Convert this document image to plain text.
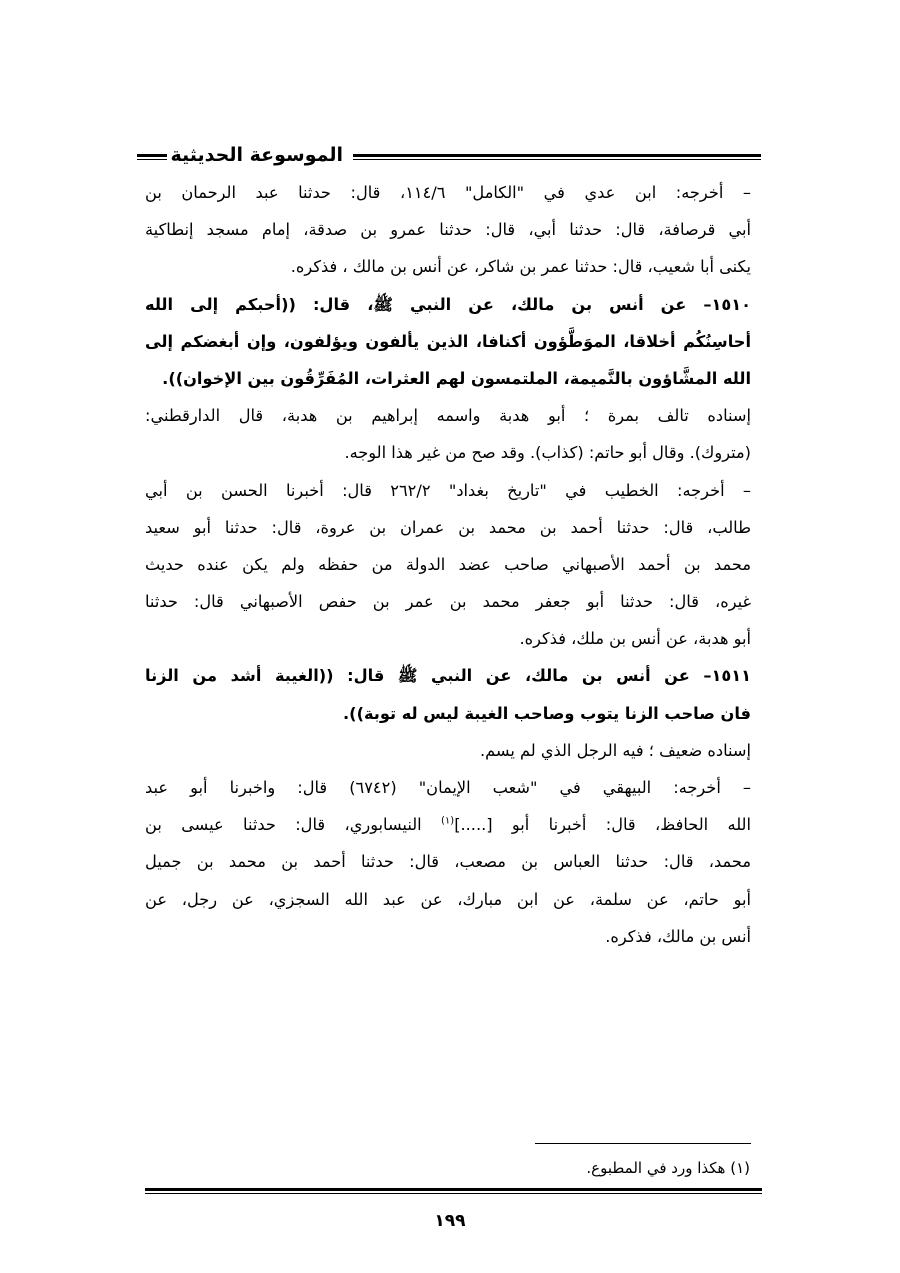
الموسوعة الحديثية
– أخرجه: ابن عدي في "الكامل" ١١٤/٦، قال: حدثنا عبد الرحمان بن
أبي قرصافة، قال: حدثنا أبي، قال: حدثنا عمرو بن صدقة، إمام مسجد إنطاكية
يكنى أبا شعيب، قال: حدثنا عمر بن شاكر، عن أنس بن مالك ، فذكره.
١٥١٠– عن أنس بن مالك، عن النبي ﷺ، قال: ((أحبكم إلى الله
أحاسِنُكُم أخلاقا، الموَطَّؤون أكنافا، الذين يألفون ويؤلفون، وإن أبغضكم إلى
الله المشَّاؤون بالنَّميمة، الملتمسون لهم العثرات، المُفَرِّقُون بين الإخوان)).
إسناده تالف بمرة ؛ أبو هدبة واسمه إبراهيم بن هدبة، قال الدارقطني:
(متروك). وقال أبو حاتم: (كذاب). وقد صح من غير هذا الوجه.
– أخرجه: الخطيب في "تاريخ بغداد" ٢٦٢/٢ قال: أخبرنا الحسن بن أبي
طالب، قال: حدثنا أحمد بن محمد بن عمران بن عروة، قال: حدثنا أبو سعيد
محمد بن أحمد الأصبهاني صاحب عضد الدولة من حفظه ولم يكن عنده حديث
غيره، قال: حدثنا أبو جعفر محمد بن عمر بن حفص الأصبهاني قال: حدثنا
أبو هدبة، عن أنس بن ملك، فذكره.
١٥١١– عن أنس بن مالك، عن النبي ﷺ قال: ((الغيبة أشد من الزنا
فان صاحب الزنا يتوب وصاحب الغيبة ليس له توبة)).
إسناده ضعيف ؛ فيه الرجل الذي لم يسم.
– أخرجه: البيهقي في "شعب الإيمان" (٦٧٤٢) قال: واخبرنا أبو عبد
الله الحافظ، قال: أخبرنا أبو [.....]$^{(١)}$ النيسابوري، قال: حدثنا عيسى بن
محمد، قال: حدثنا العباس بن مصعب، قال: حدثنا أحمد بن محمد بن جميل
أبو حاتم، عن سلمة، عن ابن مبارك، عن عبد الله السجزي، عن رجل، عن
أنس بن مالك، فذكره.
(١) هكذا ورد في المطبوع.
١٩٩
